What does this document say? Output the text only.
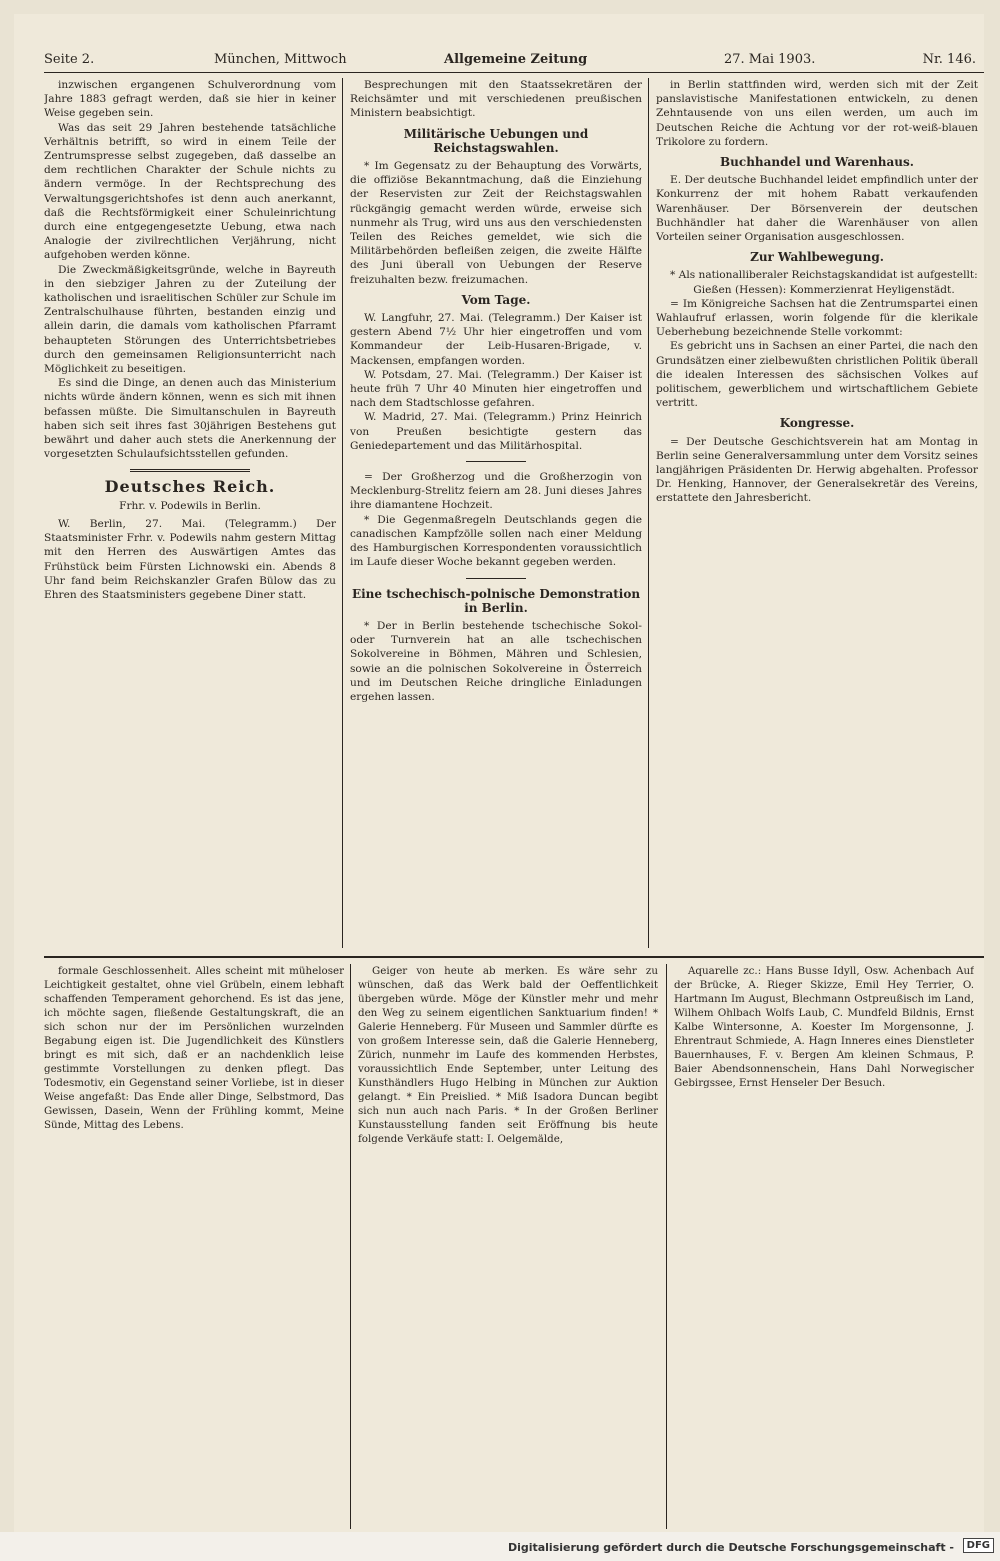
Seite 2.	München, Mittwoch	Allgemeine Zeitung	27. Mai 1903.	Nr. 146.

inzwischen ergangenen Schulverordnung vom Jahre 1883 gefragt werden, daß sie hier in keiner Weise gegeben sein.

Was das seit 29 Jahren bestehende tatsächliche Verhältnis betrifft, so wird in einem Teile der Zentrumspresse selbst zugegeben, daß dasselbe an dem rechtlichen Charakter der Schule nichts zu ändern vermöge. In der Rechtsprechung des Verwaltungsgerichtshofes ist denn auch anerkannt, daß die Rechtsförmigkeit einer Schuleinrichtung durch eine entgegengesetzte Uebung, etwa nach Analogie der zivilrechtlichen Verjährung, nicht aufgehoben werden könne.

Die Zweckmäßigkeitsgründe, welche in Bayreuth in den siebziger Jahren zu der Zuteilung der katholischen und israelitischen Schüler zur Schule im Zentralschulhause führten, bestanden einzig und allein darin, die damals vom katholischen Pfarramt behaupteten Störungen des Unterrichtsbetriebes durch den gemeinsamen Religionsunterricht nach Möglichkeit zu beseitigen.

Es sind die Dinge, an denen auch das Ministerium nichts würde ändern können, wenn es sich mit ihnen befassen müßte. Die Simultanschulen in Bayreuth haben sich seit ihres fast 30jährigen Bestehens gut bewährt und daher auch stets die Anerkennung der vorgesetzten Schulaufsichtsstellen gefunden.

Deutsches Reich.
Frhr. v. Podewils in Berlin.

W. Berlin, 27. Mai. (Telegramm.) Der Staatsminister Frhr. v. Podewils nahm gestern Mittag mit den Herren des Auswärtigen Amtes das Frühstück beim Fürsten Lichnowski ein. Abends 8 Uhr fand beim Reichskanzler Grafen Bülow das zu Ehren des Staatsministers gegebene Diner statt.

Besprechungen mit den Staatssekretären der Reichsämter und mit verschiedenen preußischen Ministern beabsichtigt.

Militärische Uebungen und Reichstagswahlen.

* Im Gegensatz zu der Behauptung des Vorwärts, die offiziöse Bekanntmachung, daß die Einziehung der Reservisten zur Zeit der Reichstagswahlen rückgängig gemacht werden würde, erweise sich nunmehr als Trug, wird uns aus den verschiedensten Teilen des Reiches gemeldet, wie sich die Militärbehörden befleißen zeigen, die zweite Hälfte des Juni überall von Uebungen der Reserve freizuhalten bezw. freizumachen.

Vom Tage.

W. Langfuhr, 27. Mai. (Telegramm.) Der Kaiser ist gestern Abend 7½ Uhr hier eingetroffen und vom Kommandeur der Leib-Husaren-Brigade, v. Mackensen, empfangen worden.

W. Potsdam, 27. Mai. (Telegramm.) Der Kaiser ist heute früh 7 Uhr 40 Minuten hier eingetroffen und nach dem Stadtschlosse gefahren.

W. Madrid, 27. Mai. (Telegramm.) Prinz Heinrich von Preußen besichtigte gestern das Geniedepartement und das Militärhospital.

= Der Großherzog und die Großherzogin von Mecklenburg-Strelitz feiern am 28. Juni dieses Jahres ihre diamantene Hochzeit.

* Die Gegenmaßregeln Deutschlands gegen die canadischen Kampfzölle sollen nach einer Meldung des Hamburgischen Korrespondenten voraussichtlich im Laufe dieser Woche bekannt gegeben werden.

Eine tschechisch-polnische Demonstration in Berlin.

* Der in Berlin bestehende tschechische Sokol- oder Turnverein hat an alle tschechischen Sokolvereine in Böhmen, Mähren und Schlesien, sowie an die polnischen Sokolvereine in Österreich und im Deutschen Reiche dringliche Einladungen ergehen lassen.

in Berlin stattfinden wird, werden sich mit der Zeit panslavistische Manifestationen entwickeln, zu denen Zehntausende von uns eilen werden, um auch im Deutschen Reiche die Achtung vor der rot-weiß-blauen Trikolore zu fordern.

Buchhandel und Warenhaus.

E. Der deutsche Buchhandel leidet empfindlich unter der Konkurrenz der mit hohem Rabatt verkaufenden Warenhäuser. Der Börsenverein der deutschen Buchhändler hat daher die Warenhäuser von allen Vorteilen seiner Organisation ausgeschlossen.

Zur Wahlbewegung.

* Als nationalliberaler Reichstagskandidat ist aufgestellt:

Gießen (Hessen): Kommerzienrat Heyligenstädt.

= Im Königreiche Sachsen hat die Zentrumspartei einen Wahlaufruf erlassen, worin folgende für die klerikale Ueberhebung bezeichnende Stelle vorkommt:

Es gebricht uns in Sachsen an einer Partei, die nach den Grundsätzen einer zielbewußten christlichen Politik überall die idealen Interessen des sächsischen Volkes auf politischem, gewerblichem und wirtschaftlichem Gebiete vertritt.

Kongresse.

= Der Deutsche Geschichtsverein hat am Montag in Berlin seine Generalversammlung unter dem Vorsitz seines langjährigen Präsidenten Dr. Herwig abgehalten. Professor Dr. Henking, Hannover, der Generalsekretär des Vereins, erstattete den Jahresbericht.

formale Geschlossenheit. Alles scheint mit müheloser Leichtigkeit gestaltet, ohne viel Grübeln, einem lebhaft schaffenden Temperament gehorchend. Es ist das jene, ich möchte sagen, fließende Gestaltungskraft, die an sich schon nur der im Persönlichen wurzelnden Begabung eigen ist. Die Jugendlichkeit des Künstlers bringt es mit sich, daß er an nachdenklich leise gestimmte Vorstellungen zu denken pflegt. Das Todesmotiv, ein Gegenstand seiner Vorliebe, ist in dieser Weise angefaßt: Das Ende aller Dinge, Selbstmord, Das Gewissen, Dasein, Wenn der Frühling kommt, Meine Sünde, Mittag des Lebens.

Geiger von heute ab merken. Es wäre sehr zu wünschen, daß das Werk bald der Oeffentlichkeit übergeben würde. Möge der Künstler mehr und mehr den Weg zu seinem eigentlichen Sanktuarium finden! * Galerie Henneberg. Für Museen und Sammler dürfte es von großem Interesse sein, daß die Galerie Henneberg, Zürich, nunmehr im Laufe des kommenden Herbstes, voraussichtlich Ende September, unter Leitung des Kunsthändlers Hugo Helbing in München zur Auktion gelangt. * Ein Preislied. * Miß Isadora Duncan begibt sich nun auch nach Paris. * In der Großen Berliner Kunstausstellung fanden seit Eröffnung bis heute folgende Verkäufe statt: I. Oelgemälde,

Aquarelle zc.: Hans Busse Idyll, Osw. Achenbach Auf der Brücke, A. Rieger Skizze, Emil Hey Terrier, O. Hartmann Im August, Blechmann Ostpreußisch im Land, Wilhem Ohlbach Wolfs Laub, C. Mundfeld Bildnis, Ernst Kalbe Wintersonne, A. Koester Im Morgensonne, J. Ehrentraut Schmiede, A. Hagn Inneres eines Dienstleter Bauernhauses, F. v. Bergen Am kleinen Schmaus, P. Baier Abendsonnenschein, Hans Dahl Norwegischer Gebirgssee, Ernst Henseler Der Besuch.

Digitalisierung gefördert durch die Deutsche Forschungsgemeinschaft -	DFG
